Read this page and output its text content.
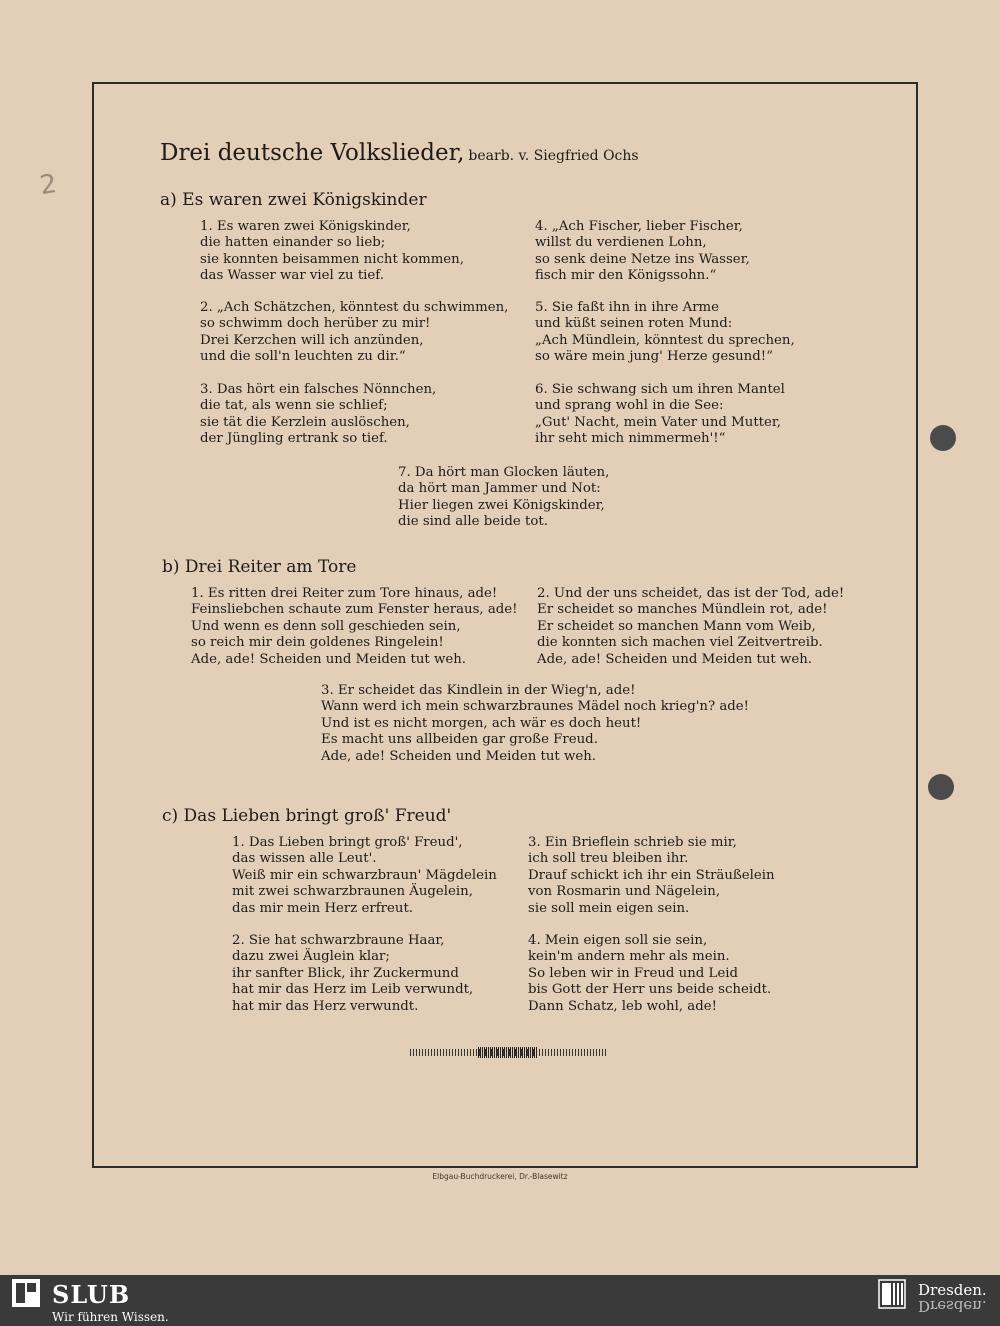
2
Drei deutsche Volkslieder, bearb. v. Siegfried Ochs
a) Es waren zwei Königskinder
1. Es waren zwei Königskinder,
die hatten einander so lieb;
sie konnten beisammen nicht kommen,
das Wasser war viel zu tief.
2. „Ach Schätzchen, könntest du schwimmen,
so schwimm doch herüber zu mir!
Drei Kerzchen will ich anzünden,
und die soll'n leuchten zu dir.“
3. Das hört ein falsches Nönnchen,
die tat, als wenn sie schlief;
sie tät die Kerzlein auslöschen,
der Jüngling ertrank so tief.
4. „Ach Fischer, lieber Fischer,
willst du verdienen Lohn,
so senk deine Netze ins Wasser,
fisch mir den Königssohn.“
5. Sie faßt ihn in ihre Arme
und küßt seinen roten Mund:
„Ach Mündlein, könntest du sprechen,
so wäre mein jung' Herze gesund!“
6. Sie schwang sich um ihren Mantel
und sprang wohl in die See:
„Gut' Nacht, mein Vater und Mutter,
ihr seht mich nimmermeh'!“
7. Da hört man Glocken läuten,
da hört man Jammer und Not:
Hier liegen zwei Königskinder,
die sind alle beide tot.
b) Drei Reiter am Tore
1. Es ritten drei Reiter zum Tore hinaus, ade!
Feinsliebchen schaute zum Fenster heraus, ade!
Und wenn es denn soll geschieden sein,
so reich mir dein goldenes Ringelein!
Ade, ade! Scheiden und Meiden tut weh.
2. Und der uns scheidet, das ist der Tod, ade!
Er scheidet so manches Mündlein rot, ade!
Er scheidet so manchen Mann vom Weib,
die konnten sich machen viel Zeitvertreib.
Ade, ade! Scheiden und Meiden tut weh.
3. Er scheidet das Kindlein in der Wieg'n, ade!
Wann werd ich mein schwarzbraunes Mädel noch krieg'n? ade!
Und ist es nicht morgen, ach wär es doch heut!
Es macht uns allbeiden gar große Freud.
Ade, ade! Scheiden und Meiden tut weh.
c) Das Lieben bringt groß' Freud'
1. Das Lieben bringt groß' Freud',
das wissen alle Leut'.
Weiß mir ein schwarzbraun' Mägdelein
mit zwei schwarzbraunen Äugelein,
das mir mein Herz erfreut.
2. Sie hat schwarzbraune Haar,
dazu zwei Äuglein klar;
ihr sanfter Blick, ihr Zuckermund
hat mir das Herz im Leib verwundt,
hat mir das Herz verwundt.
3. Ein Brieflein schrieb sie mir,
ich soll treu bleiben ihr.
Drauf schickt ich ihr ein Sträußelein
von Rosmarin und Nägelein,
sie soll mein eigen sein.
4. Mein eigen soll sie sein,
kein'm andern mehr als mein.
So leben wir in Freud und Leid
bis Gott der Herr uns beide scheidt.
Dann Schatz, leb wohl, ade!
Elbgau-Buchdruckerei, Dr.-Blasewitz
SLUB
Wir führen Wissen.
Dresden.
Dresden.
